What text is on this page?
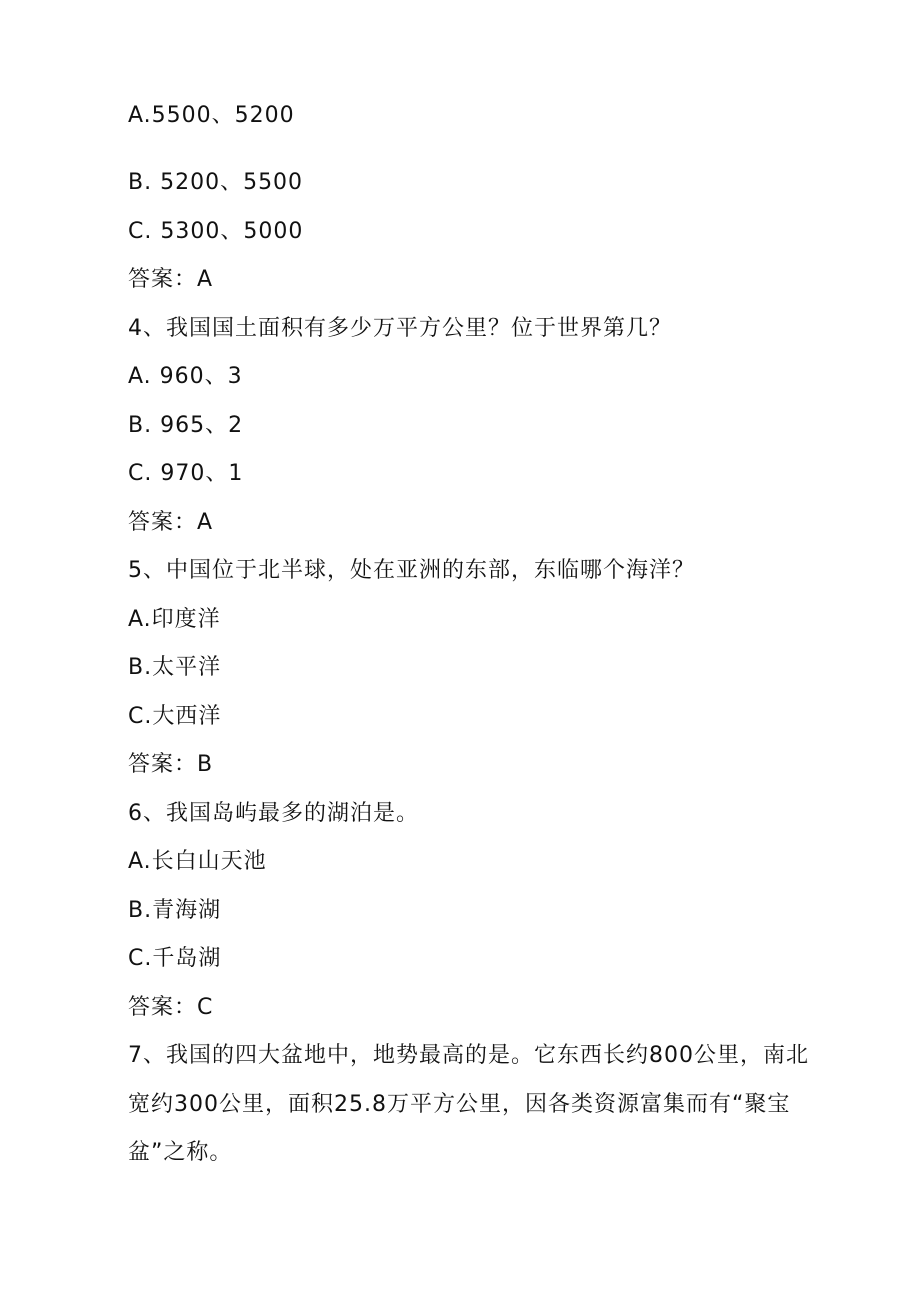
A.5500、5200
B. 5200、5500
C. 5300、5000
答案：A
4、我国国土面积有多少万平方公里？位于世界第几？
A. 960、3
B. 965、2
C. 970、1
答案：A
5、中国位于北半球，处在亚洲的东部，东临哪个海洋？
A.印度洋
B.太平洋
C.大西洋
答案：B
6、我国岛屿最多的湖泊是。
A.长白山天池
B.青海湖
C.千岛湖
答案：C
7、我国的四大盆地中，地势最高的是。它东西长约800公里，南北
宽约300公里，面积25.8万平方公里，因各类资源富集而有“聚宝
盆”之称。
